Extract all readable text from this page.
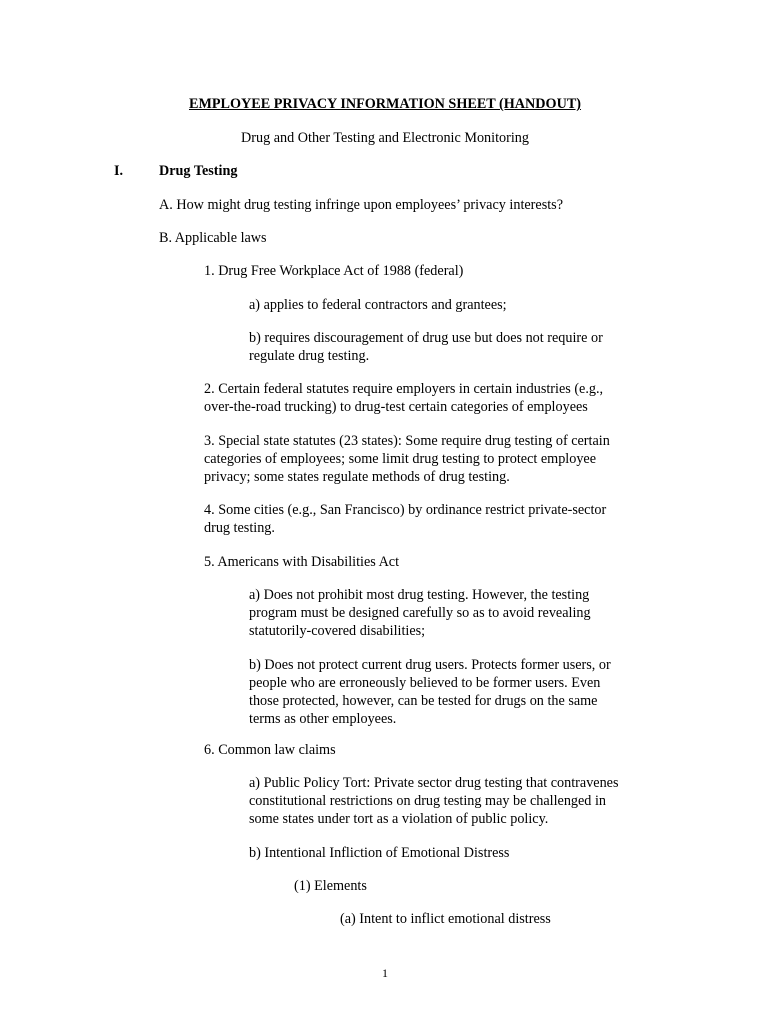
EMPLOYEE PRIVACY INFORMATION SHEET (HANDOUT)

Drug and Other Testing and Electronic Monitoring

I.	Drug Testing

A. How might drug testing infringe upon employees’ privacy interests?

B. Applicable laws

1. Drug Free Workplace Act of 1988 (federal)

a) applies to federal contractors and grantees;

b) requires discouragement of drug use but does not require or

regulate drug testing.

2. Certain federal statutes require employers in certain industries (e.g.,

over-the-road trucking) to drug-test certain categories of employees

3. Special state statutes (23 states): Some require drug testing of certain

categories of employees; some limit drug testing to protect employee

privacy; some states regulate methods of drug testing.

4. Some cities (e.g., San Francisco) by ordinance restrict private-sector

drug testing.

5. Americans with Disabilities Act

a) Does not prohibit most drug testing. However, the testing

program must be designed carefully so as to avoid revealing

statutorily-covered disabilities;

b) Does not protect current drug users. Protects former users, or

people who are erroneously believed to be former users. Even

those protected, however, can be tested for drugs on the same

terms as other employees.

6. Common law claims

a) Public Policy Tort: Private sector drug testing that contravenes

constitutional restrictions on drug testing may be challenged in

some states under tort as a violation of public policy.

b) Intentional Infliction of Emotional Distress

(1) Elements

(a) Intent to inflict emotional distress

1
